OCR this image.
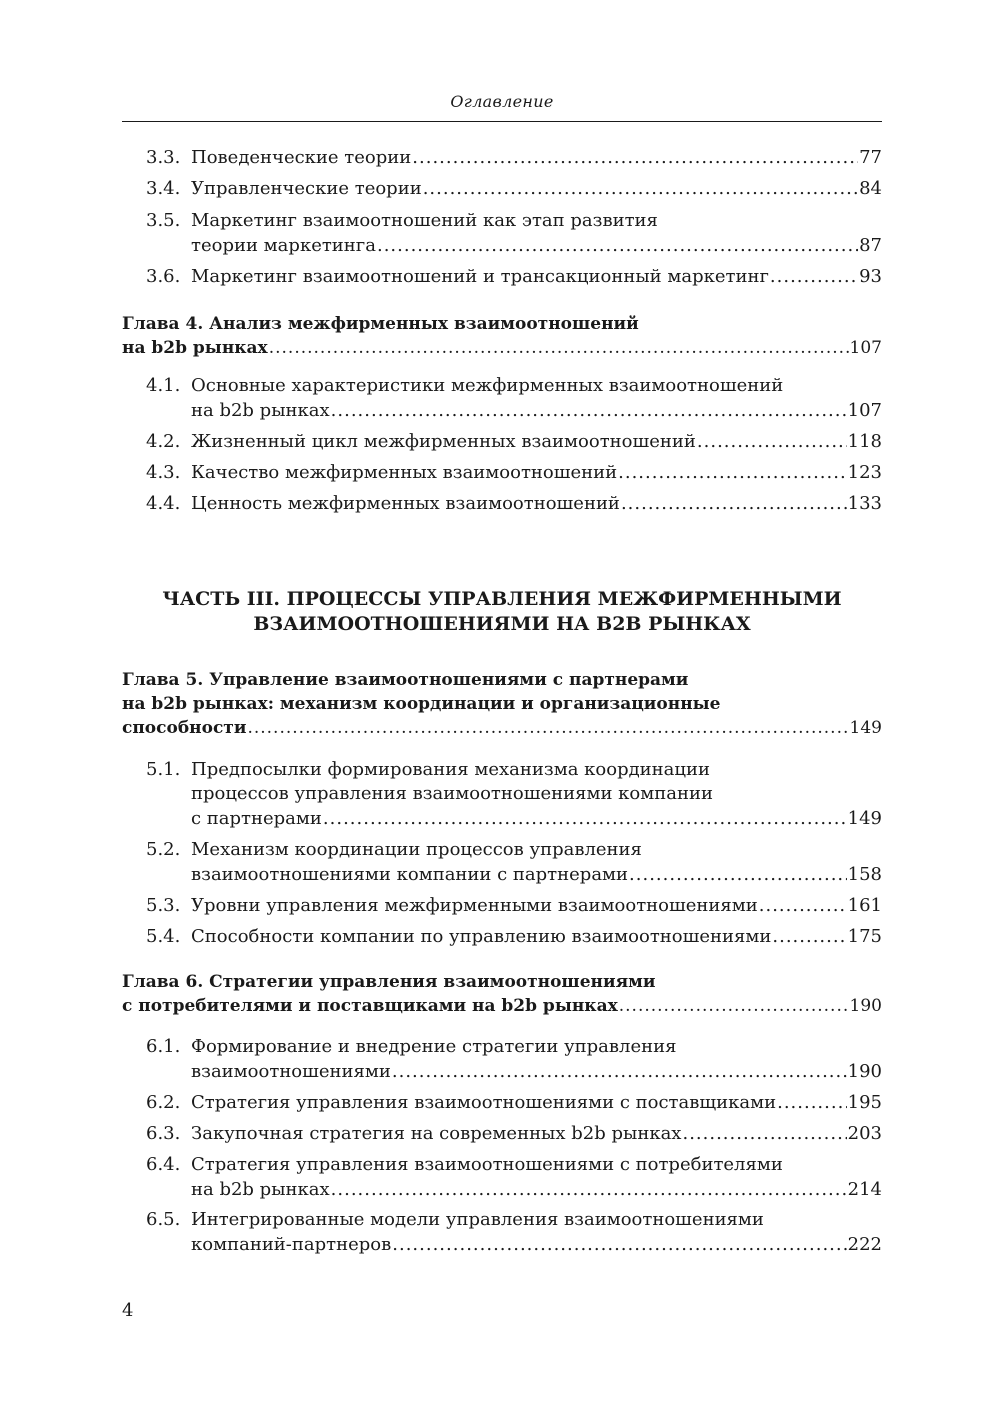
Оглавление
3.3. Поведенческие теории .....	77
3.4. Управленческие теории .....	84
3.5. Маркетинг взаимоотношений как этап развития
теории маркетинга .....	87
3.6. Маркетинг взаимоотношений и трансакционный маркетинг .....	93
Глава 4. Анализ межфирменных взаимоотношений
на b2b рынках .....	107
4.1. Основные характеристики межфирменных взаимоотношений
на b2b рынках .....	107
4.2. Жизненный цикл межфирменных взаимоотношений .....	118
4.3. Качество межфирменных взаимоотношений .....	123
4.4. Ценность межфирменных взаимоотношений .....	133
ЧАСТЬ III. ПРОЦЕССЫ УПРАВЛЕНИЯ МЕЖФИРМЕННЫМИ
ВЗАИМООТНОШЕНИЯМИ НА B2B РЫНКАХ
Глава 5. Управление взаимоотношениями с партнерами
на b2b рынках: механизм координации и организационные
способности .....	149
5.1. Предпосылки формирования механизма координации
процессов управления взаимоотношениями компании
с партнерами .....	149
5.2. Механизм координации процессов управления
взаимоотношениями компании с партнерами .....	158
5.3. Уровни управления межфирменными взаимоотношениями .....	161
5.4. Способности компании по управлению взаимоотношениями .....	175
Глава 6. Стратегии управления взаимоотношениями
с потребителями и поставщиками на b2b рынках .....	190
6.1. Формирование и внедрение стратегии управления
взаимоотношениями .....	190
6.2. Стратегия управления взаимоотношениями с поставщиками .....	195
6.3. Закупочная стратегия на современных b2b рынках .....	203
6.4. Стратегия управления взаимоотношениями с потребителями
на b2b рынках .....	214
6.5. Интегрированные модели управления взаимоотношениями
компаний-партнеров .....	222
4
